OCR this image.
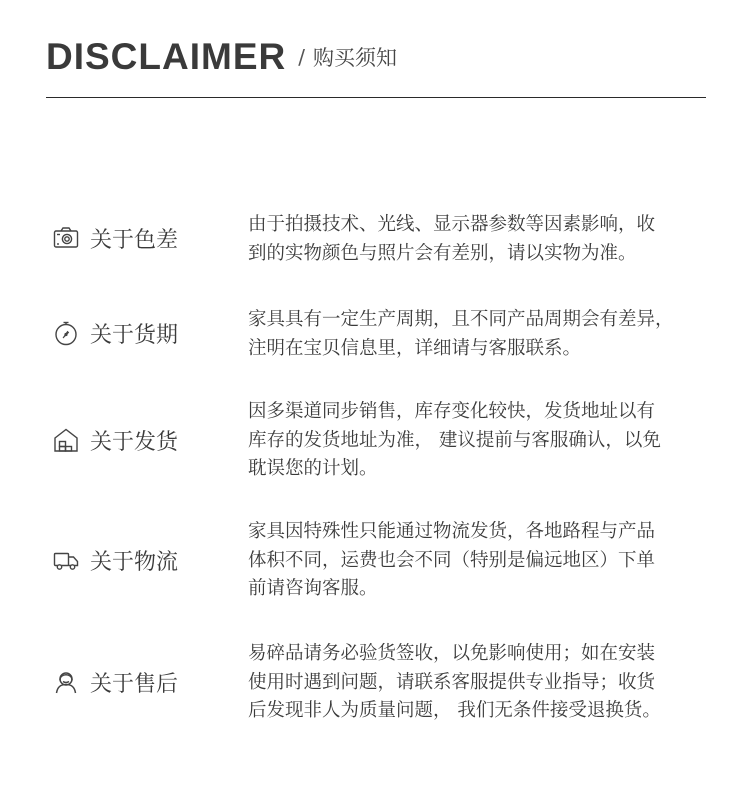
DISCLAIMER / 购买须知
关于色差
由于拍摄技术、光线、显示器参数等因素影响，收
到的实物颜色与照片会有差别，请以实物为准。
关于货期
家具具有一定生产周期，且不同产品周期会有差异，
注明在宝贝信息里，详细请与客服联系。
关于发货
因多渠道同步销售，库存变化较快，发货地址以有
库存的发货地址为准， 建议提前与客服确认，以免
耽误您的计划。
关于物流
家具因特殊性只能通过物流发货，各地路程与产品
体积不同，运费也会不同（特别是偏远地区）下单
前请咨询客服。
关于售后
易碎品请务必验货签收，以免影响使用；如在安装
使用时遇到问题，请联系客服提供专业指导；收货
后发现非人为质量问题， 我们无条件接受退换货。
